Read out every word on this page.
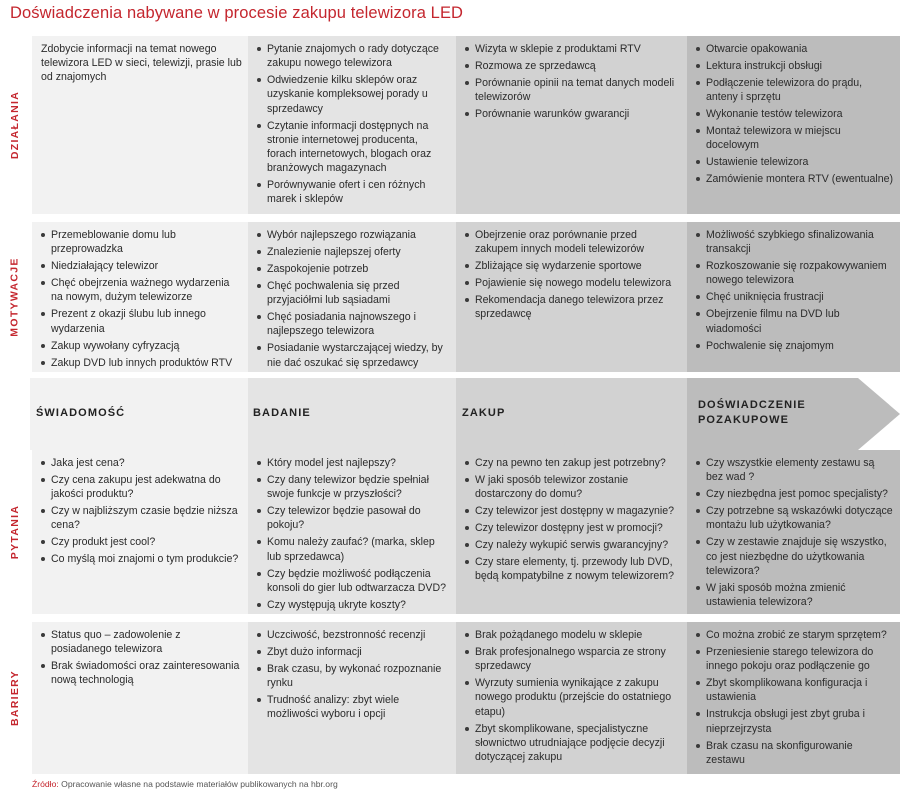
Doświadczenia nabywane w procesie zakupu telewizora LED
DZIAŁANIA
MOTYWACJE
PYTANIA
BARIERY
Zdobycie informacji na temat nowego telewizora LED w sieci, telewizji, prasie lub od znajomych
Pytanie znajomych o rady dotyczące zakupu nowego telewizora
Odwiedzenie kilku sklepów oraz uzyskanie kompleksowej porady u sprzedawcy
Czytanie informacji dostępnych na stronie internetowej producenta, forach internetowych, blogach oraz branżowych magazynach
Porównywanie ofert i cen różnych marek i sklepów
Wizyta w sklepie z produktami RTV
Rozmowa ze sprzedawcą
Porównanie opinii na temat danych modeli telewizorów
Porównanie warunków gwarancji
Otwarcie opakowania
Lektura instrukcji obsługi
Podłączenie telewizora do prądu, anteny i sprzętu
Wykonanie testów telewizora
Montaż telewizora w miejscu docelowym
Ustawienie telewizora
Zamówienie montera RTV (ewentualne)
Przemeblowanie domu lub przeprowadzka
Niedziałający telewizor
Chęć obejrzenia ważnego wydarzenia na nowym, dużym telewizorze
Prezent z okazji ślubu lub innego wydarzenia
Zakup wywołany cyfryzacją
Zakup DVD lub innych produktów RTV
Wybór najlepszego rozwiązania
Znalezienie najlepszej oferty
Zaspokojenie potrzeb
Chęć pochwalenia się przed przyjaciółmi lub sąsiadami
Chęć posiadania najnowszego i najlepszego telewizora
Posiadanie wystarczającej wiedzy, by nie dać oszukać się sprzedawcy
Obejrzenie oraz porównanie przed zakupem innych modeli telewizorów
Zbliżające się wydarzenie sportowe
Pojawienie się nowego modelu telewizora
Rekomendacja danego telewizora przez sprzedawcę
Możliwość szybkiego sfinalizowania transakcji
Rozkoszowanie się rozpakowywaniem nowego telewizora
Chęć uniknięcia frustracji
Obejrzenie filmu na DVD lub wiadomości
Pochwalenie się znajomym
ŚWIADOMOŚĆ	BADANIE	ZAKUP
DOŚWIADCZENIE POZAKUPOWE
Jaka jest cena?
Czy cena zakupu jest adekwatna do jakości produktu?
Czy w najbliższym czasie będzie niższa cena?
Czy produkt jest cool?
Co myślą moi znajomi o tym produkcie?
Który model jest najlepszy?
Czy dany telewizor będzie spełniał swoje funkcje w przyszłości?
Czy telewizor będzie pasował do pokoju?
Komu należy zaufać? (marka, sklep lub sprzedawca)
Czy będzie możliwość podłączenia konsoli do gier lub odtwarzacza DVD?
Czy występują ukryte koszty?
Czy na pewno ten zakup jest potrzebny?
W jaki sposób telewizor zostanie dostarczony do domu?
Czy telewizor jest dostępny w magazynie?
Czy telewizor dostępny jest w promocji?
Czy należy wykupić serwis gwarancyjny?
Czy stare elementy, tj. przewody lub DVD, będą kompatybilne z nowym telewizorem?
Czy wszystkie elementy zestawu są bez wad ?
Czy niezbędna jest pomoc specjalisty?
Czy potrzebne są wskazówki dotyczące montażu lub użytkowania?
Czy w zestawie znajduje się wszystko, co jest niezbędne do użytkowania telewizora?
W jaki sposób można zmienić ustawienia telewizora?
Status quo – zadowolenie z posiadanego telewizora
Brak świadomości oraz zainteresowania nową technologią
Uczciwość, bezstronność recenzji
Zbyt dużo informacji
Brak czasu, by wykonać rozpoznanie rynku
Trudność analizy: zbyt wiele możliwości wyboru i opcji
Brak pożądanego modelu w sklepie
Brak profesjonalnego wsparcia ze strony sprzedawcy
Wyrzuty sumienia wynikające z zakupu nowego produktu (przejście do ostatniego etapu)
Zbyt skomplikowane, specjalistyczne słownictwo utrudniające podjęcie decyzji dotyczącej zakupu
Co można zrobić ze starym sprzętem?
Przeniesienie starego telewizora do innego pokoju oraz podłączenie go
Zbyt skomplikowana konfiguracja i ustawienia
Instrukcja obsługi jest zbyt gruba i nieprzejrzysta
Brak czasu na skonfigurowanie zestawu
Źródło: Opracowanie własne na podstawie materiałów publikowanych na hbr.org
